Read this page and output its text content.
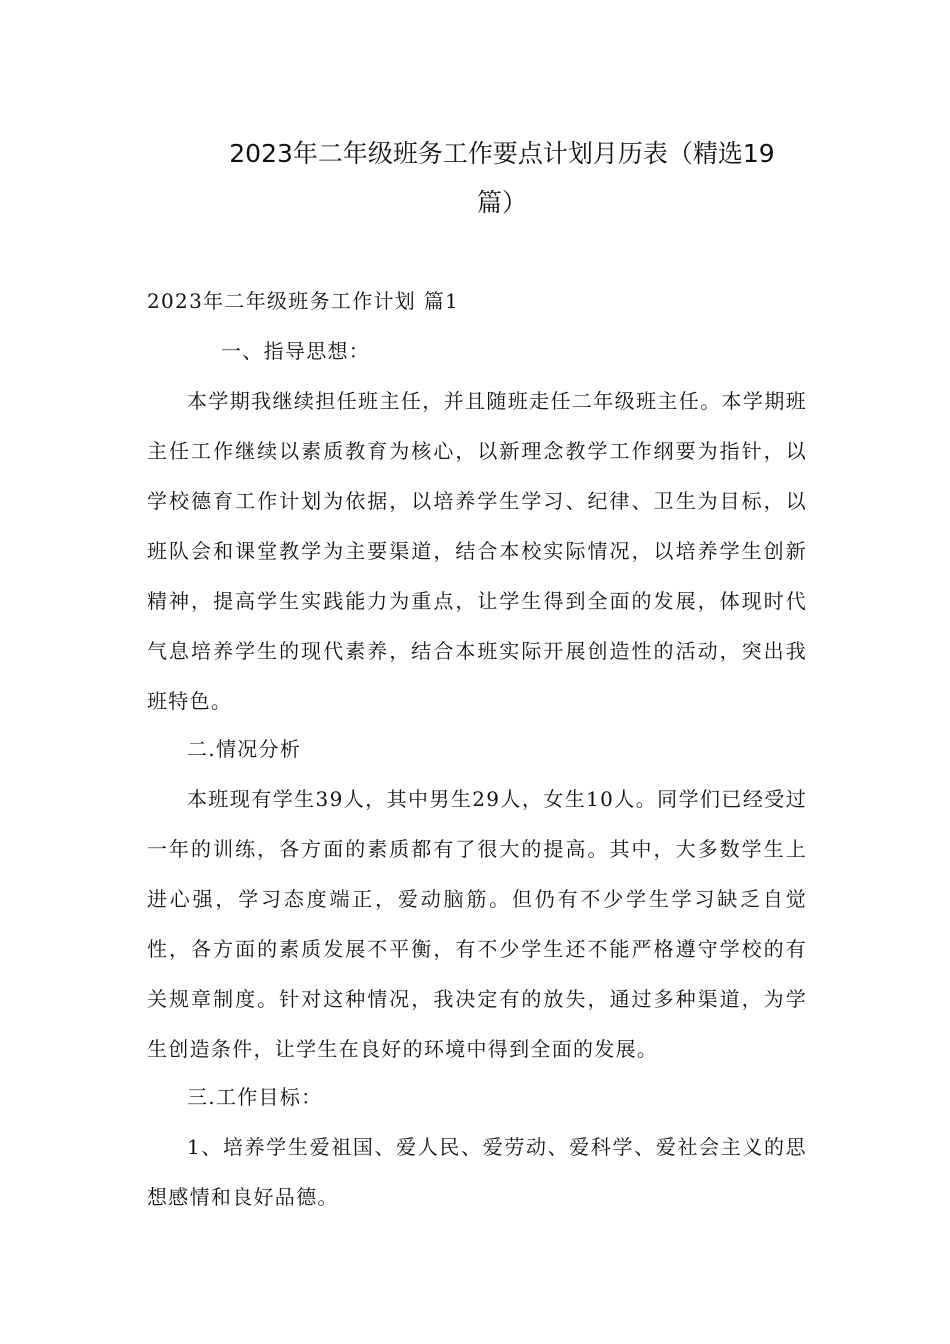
2023年二年级班务工作要点计划月历表（精选19
篇）

2023年二年级班务工作计划 篇1

一、指导思想：

本学期我继续担任班主任，并且随班走任二年级班主任。本学期班主任工作继续以素质教育为核心，以新理念教学工作纲要为指针，以学校德育工作计划为依据，以培养学生学习、纪律、卫生为目标，以班队会和课堂教学为主要渠道，结合本校实际情况，以培养学生创新精神，提高学生实践能力为重点，让学生得到全面的发展，体现时代气息培养学生的现代素养，结合本班实际开展创造性的活动，突出我班特色。

二.情况分析

本班现有学生39人，其中男生29人，女生10人。同学们已经受过一年的训练，各方面的素质都有了很大的提高。其中，大多数学生上进心强，学习态度端正，爱动脑筋。但仍有不少学生学习缺乏自觉性，各方面的素质发展不平衡，有不少学生还不能严格遵守学校的有关规章制度。针对这种情况，我决定有的放失，通过多种渠道，为学生创造条件，让学生在良好的环境中得到全面的发展。

三.工作目标：

1、培养学生爱祖国、爱人民、爱劳动、爱科学、爱社会主义的思想感情和良好品德。
